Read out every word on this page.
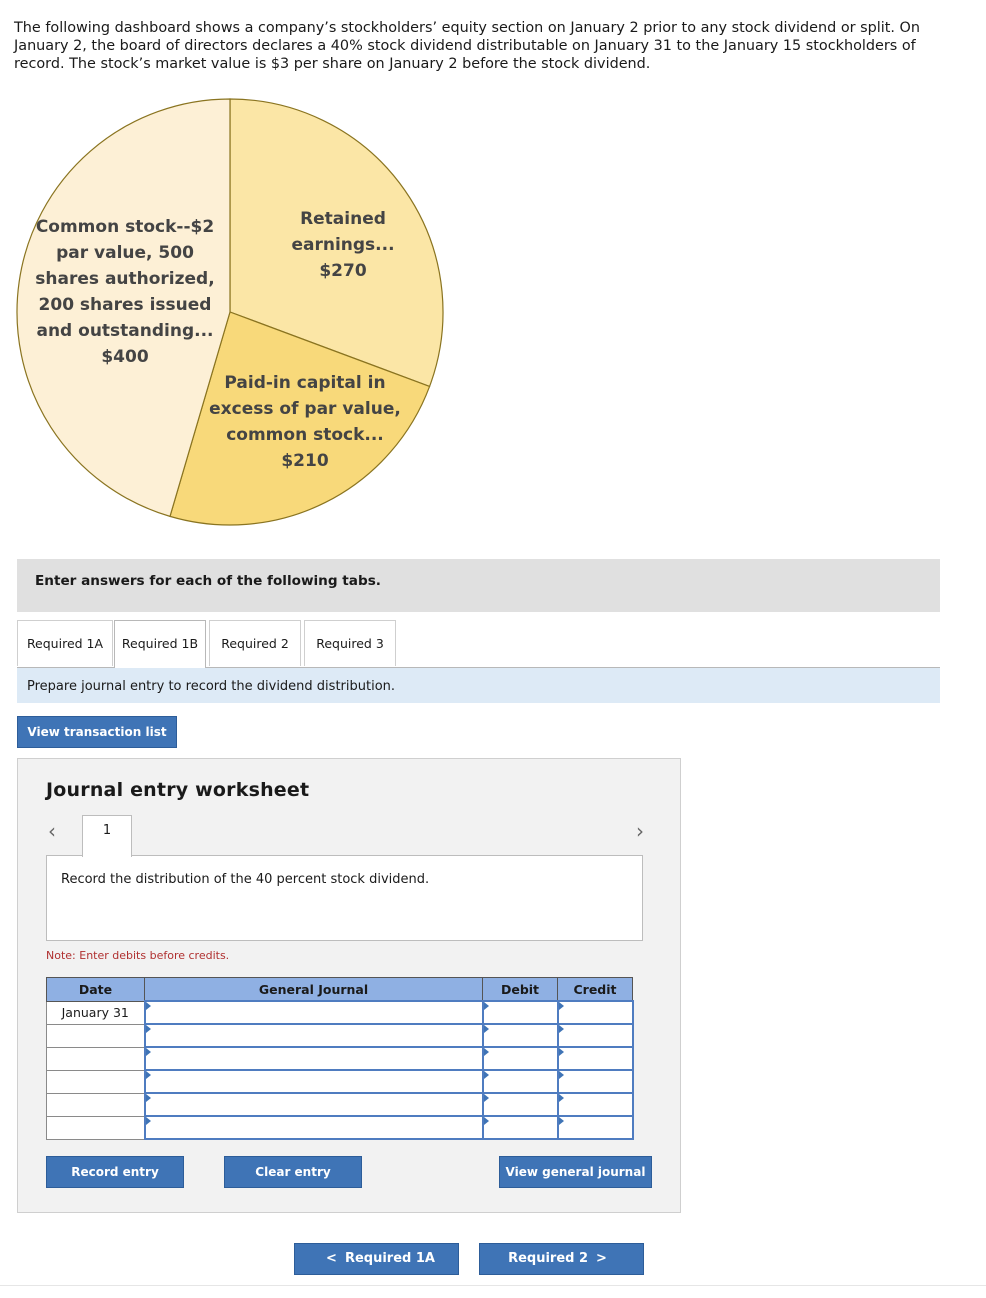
The following dashboard shows a company’s stockholders’ equity section on January 2 prior to any stock dividend or split. On January 2, the board of directors declares a 40% stock dividend distributable on January 31 to the January 15 stockholders of record. The stock’s market value is $3 per share on January 2 before the stock dividend.

Retained earnings... $270
Paid-in capital in excess of par value, common stock... $210
Common stock--$2 par value, 500 shares authorized, 200 shares issued and outstanding... $400
Enter answers for each of the following tabs.
Required 1A	Required 1B	Required 2	Required 3
Prepare journal entry to record the dividend distribution.
View transaction list
Journal entry worksheet
‹	1	›
Record the distribution of the 40 percent stock dividend.
Note: Enter debits before credits.
Date	General Journal	Debit	Credit
January 31			

Record entry	Clear entry	View general journal
< Required 1A	Required 2 >
